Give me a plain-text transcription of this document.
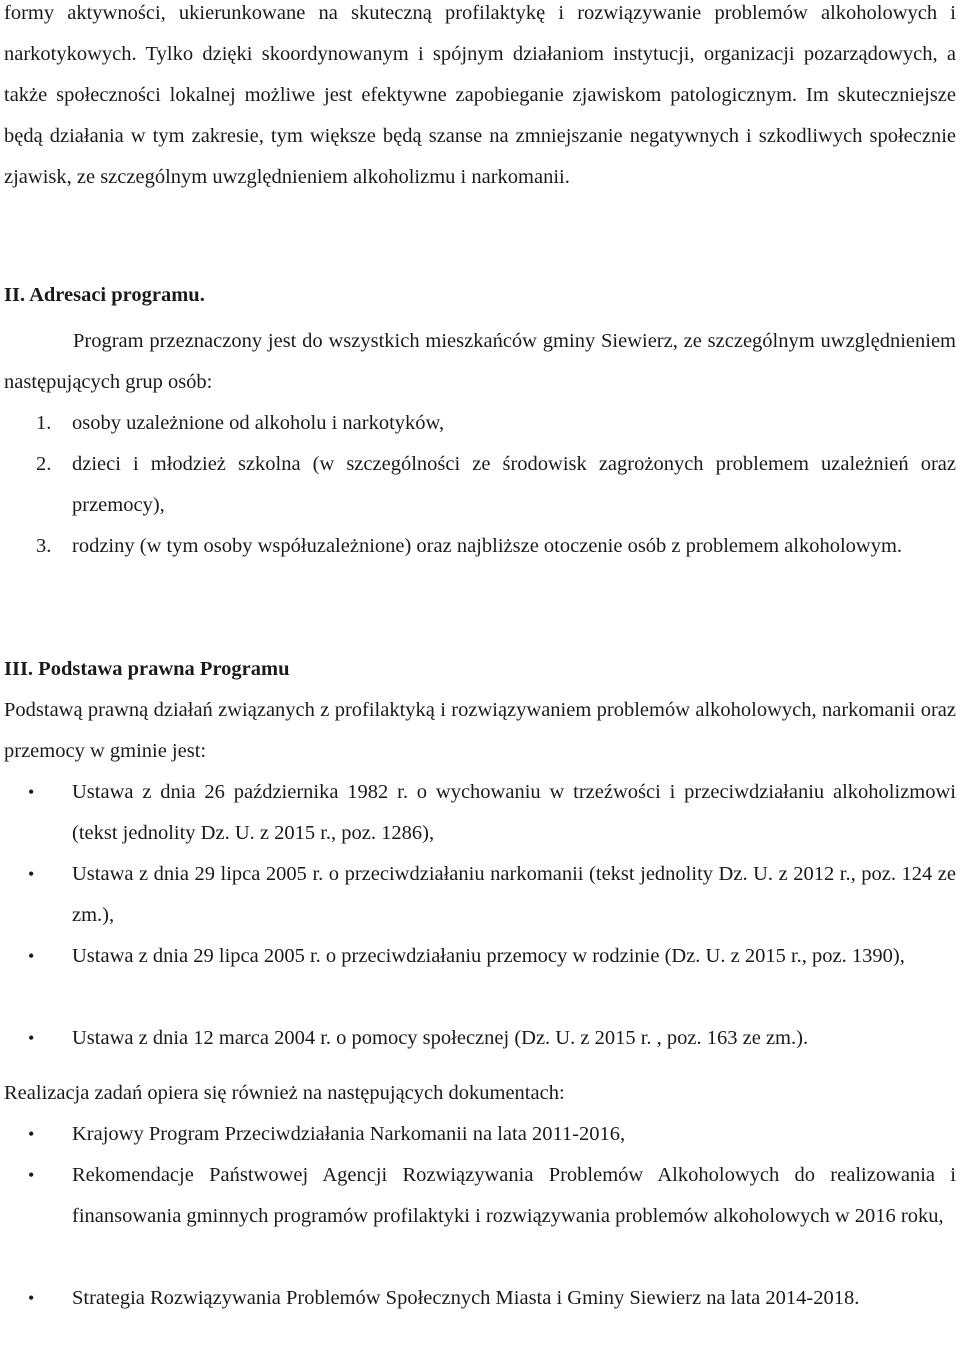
formy aktywności, ukierunkowane na skuteczną profilaktykę i rozwiązywanie problemów alkoholowych i narkotykowych. Tylko dzięki skoordynowanym i spójnym działaniom instytucji, organizacji pozarządowych, a także społeczności lokalnej możliwe jest efektywne zapobieganie zjawiskom patologicznym. Im skuteczniejsze będą działania w tym zakresie, tym większe będą szanse na zmniejszanie negatywnych i szkodliwych społecznie zjawisk, ze szczególnym uwzględnieniem alkoholizmu i narkomanii.

II. Adresaci programu.

Program przeznaczony jest do wszystkich mieszkańców gminy Siewierz, ze szczególnym uwzględnieniem następujących grup osób:

1. osoby uzależnione od alkoholu i narkotyków,

2. dzieci i młodzież szkolna (w szczególności ze środowisk zagrożonych problemem uzależnień oraz przemocy),

3. rodziny (w tym osoby współuzależnione) oraz najbliższe otoczenie osób z problemem alkoholowym.

III. Podstawa prawna Programu

Podstawą prawną działań związanych z profilaktyką i rozwiązywaniem problemów alkoholowych, narkomanii oraz przemocy w gminie jest:

• Ustawa z dnia 26 października 1982 r. o wychowaniu w trzeźwości i przeciwdziałaniu alkoholizmowi (tekst jednolity Dz. U. z 2015 r., poz. 1286),

• Ustawa z dnia 29 lipca 2005 r. o przeciwdziałaniu narkomanii (tekst jednolity Dz. U. z 2012 r., poz. 124 ze zm.),

• Ustawa z dnia 29 lipca 2005 r. o przeciwdziałaniu przemocy w rodzinie (Dz. U. z 2015 r., poz. 1390),

• Ustawa z dnia 12 marca 2004 r. o pomocy społecznej (Dz. U. z 2015 r. , poz. 163 ze zm.).

Realizacja zadań opiera się również na następujących dokumentach:

• Krajowy Program Przeciwdziałania Narkomanii na lata 2011-2016,

• Rekomendacje Państwowej Agencji Rozwiązywania Problemów Alkoholowych do realizowania i finansowania gminnych programów profilaktyki i rozwiązywania problemów alkoholowych w 2016 roku,

• Strategia Rozwiązywania Problemów Społecznych Miasta i Gminy Siewierz na lata 2014-2018.
